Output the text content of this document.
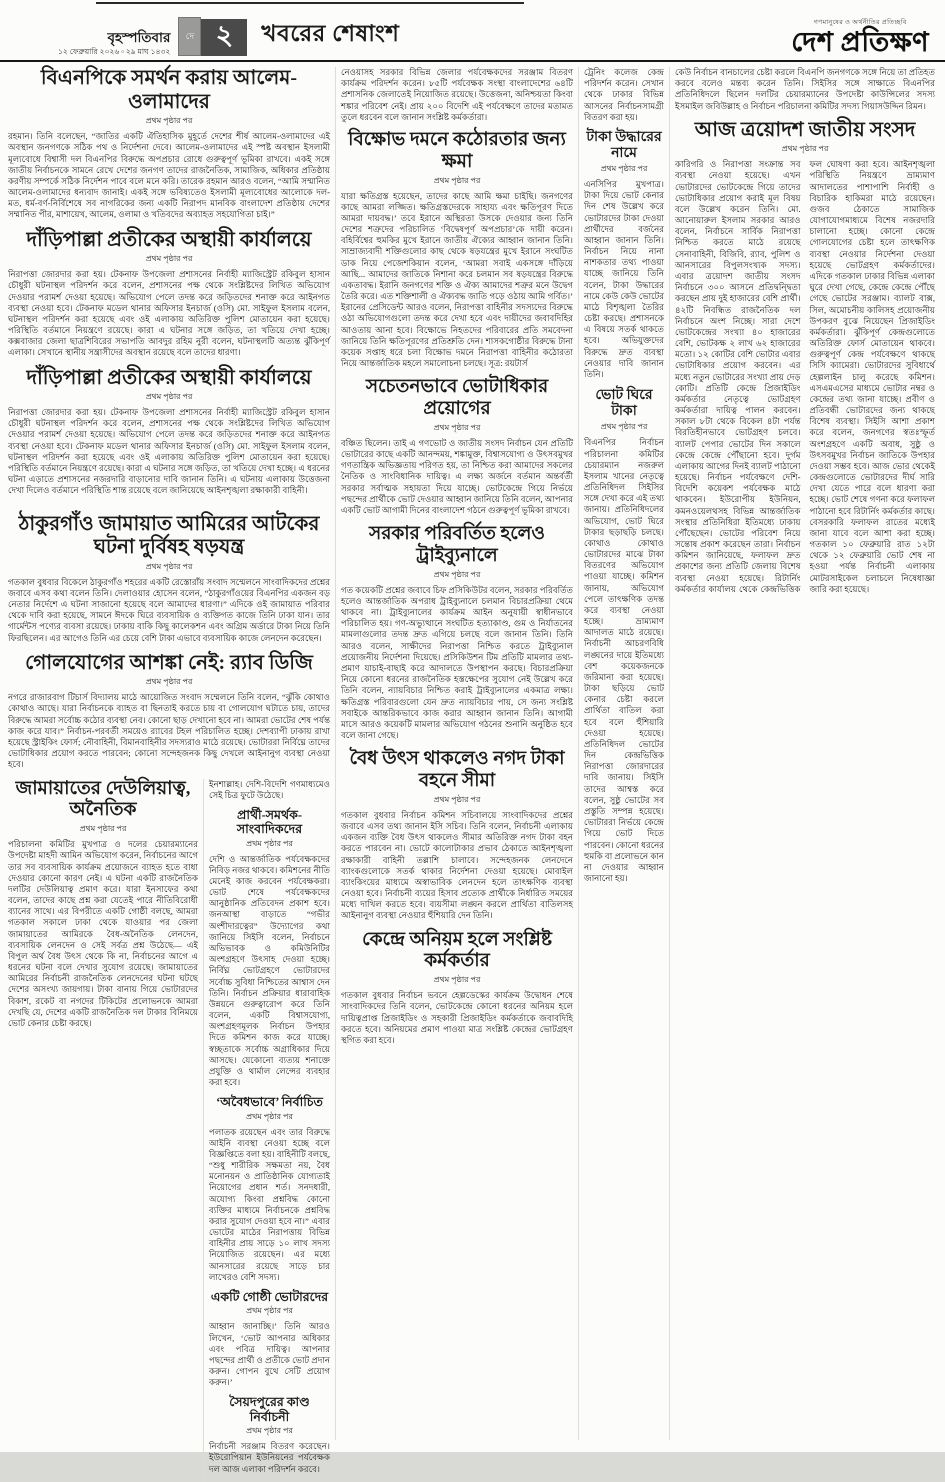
বৃহস্পতিবার
১২ ফেব্রুয়ারি ২০২৬ ▫ ২৯ মাঘ ১৪৩২
দে ২ খবরের শেষাংশ	গণমানুষের ও অর্থনীতির প্রতিচ্ছবি
দেশ প্রতিক্ষণ
বিএনপিকে সমর্থন করায় আলেম-ওলামাদের
প্রথম পৃষ্ঠার পর
রহমান। তিনি বলেছেন, “জাতির একটি ঐতিহাসিক মুহূর্তে দেশের শীর্ষ আলেম-ওলামাদের এই অবস্থান জনগণকে সঠিক পথ ও নির্দেশনা দেবে। আলেম-ওলামাদের এই স্পষ্ট অবস্থান ইসলামী মূল্যবোধে বিশ্বাসী দল বিএনপির বিরুদ্ধে অপপ্রচার রোধে গুরুত্বপূর্ণ ভূমিকা রাখবে। একই সঙ্গে জাতীয় নির্বাচনকে সামনে রেখে দেশের জনগণ তাদের রাজনৈতিক, সামাজিক, অধিকার প্রতিষ্ঠায় করণীয় সম্পর্কে সঠিক নির্দেশন পাবে বলে মনে করি। তারেক রহমান আরও বলেন, “আমি সম্মানিত আলেম-ওলামাদের ধন্যবাদ জানাই। একই সঙ্গে ভবিষ্যতেও ইসলামী মূল্যবোধের আলোকে দল-মত, ধর্ম-বর্ণ-নির্বিশেষে সব নাগরিকের জন্য একটি নিরাপদ মানবিক বাংলাদেশ প্রতিষ্ঠায় দেশের সম্মানিত পীর, মাশায়েখ, আলেম, ওলামা ও খতিবদের অব্যাহত সহযোগিতা চাই।”
দাঁড়িপাল্লা প্রতীকের অস্থায়ী কার্যালয়ে
প্রথম পৃষ্ঠার পর
নিরাপত্তা জোরদার করা হয়। টেকনাফ উপজেলা প্রশাসনের নির্বাহী ম্যাজিস্ট্রেট রকিবুল হাসান চৌধুরী ঘটনাস্থল পরিদর্শন করে বলেন, প্রশাসনের পক্ষ থেকে সংশ্লিষ্টদের লিখিত অভিযোগ দেওয়ার পরামর্শ দেওয়া হয়েছে। অভিযোগ পেলে তদন্ত করে জড়িতদের শনাক্ত করে আইনগত ব্যবস্থা নেওয়া হবে। টেকনাফ মডেল থানার অফিসার ইনচার্জ (ওসি) মো. সাইফুল ইসলাম বলেন, ঘটনাস্থল পরিদর্শন করা হয়েছে এবং ওই এলাকায় অতিরিক্ত পুলিশ মোতায়েন করা হয়েছে। পরিস্থিতি বর্তমানে নিয়ন্ত্রণে রয়েছে। কারা এ ঘটনার সঙ্গে জড়িত, তা খতিয়ে দেখা হচ্ছে। কক্সবাজার জেলা ছাত্রশিবিরের সভাপতি আবদুর রহিম নুরী বলেন, ঘটনাস্থলটি অত্যন্ত ঝুঁকিপূর্ণ এলাকা। সেখানে স্থানীয় সন্ত্রাসীদের অবস্থান রয়েছে বলে তাদের ধারণা।
দাঁড়িপাল্লা প্রতীকের অস্থায়ী কার্যালয়ে
প্রথম পৃষ্ঠার পর
নিরাপত্তা জোরদার করা হয়। টেকনাফ উপজেলা প্রশাসনের নির্বাহী ম্যাজিস্ট্রেট রকিবুল হাসান চৌধুরী ঘটনাস্থল পরিদর্শন করে বলেন, প্রশাসনের পক্ষ থেকে সংশ্লিষ্টদের লিখিত অভিযোগ দেওয়ার পরামর্শ দেওয়া হয়েছে। অভিযোগ পেলে তদন্ত করে জড়িতদের শনাক্ত করে আইনগত ব্যবস্থা নেওয়া হবে। টেকনাফ মডেল থানার অফিসার ইনচার্জ (ওসি) মো. সাইফুল ইসলাম বলেন, ঘটনাস্থল পরিদর্শন করা হয়েছে এবং ওই এলাকায় অতিরিক্ত পুলিশ মোতায়েন করা হয়েছে। পরিস্থিতি বর্তমানে নিয়ন্ত্রণে রয়েছে। কারা এ ঘটনার সঙ্গে জড়িত, তা খতিয়ে দেখা হচ্ছে। এ ধরনের ঘটনা এড়াতে প্রশাসনের নজরদারি বাড়ানোর দাবি জানান তিনি। এ ঘটনায় এলাকায় উত্তেজনা দেখা দিলেও বর্তমানে পরিস্থিতি শান্ত রয়েছে বলে জানিয়েছে আইনশৃঙ্খলা রক্ষাকারী বাহিনী।
ঠাকুরগাঁও জামায়াত আমিরের আটকের ঘটনা দুর্বিষহ ষড়যন্ত্র
প্রথম পৃষ্ঠার পর
গতকাল বুধবার বিকেলে ঠাকুরগাঁও শহরের একটি রেস্তোরাঁয় সংবাদ সম্মেলনে সাংবাদিকদের প্রশ্নের জবাবে এসব কথা বলেন তিনি। দেলাওয়ার হোসেন বলেন, “ঠাকুরগাঁওয়ের বিএনপির একজন বড় নেতার নির্দেশে এ ঘটনা সাজানো হয়েছে বলে আমাদের ধারণা।” এদিকে ওই জামায়াত পরিবার থেকে দাবি করা হয়েছে, সামনে ঈদকে ঘিরে ব্যবসায়িক ও ব্যক্তিগত কাজে তিনি ঢাকা যান। তার গার্মেন্টস পণ্যের ব্যবসা রয়েছে। ঢাকায় বাকি কিছু কালেকশন এবং অগ্রিম অর্ডারে টাকা নিয়ে তিনি ফিরছিলেন। এর আগেও তিনি এর চেয়ে বেশি টাকা এভাবে ব্যবসায়িক কাজে লেনদেন করেছেন।
গোলযোগের আশঙ্কা নেই: র‍্যাব ডিজি
প্রথম পৃষ্ঠার পর
নগরে রাজারবাগ টিচার্স বিদ্যালয় মাঠে আয়োজিত সংবাদ সম্মেলনে তিনি বলেন, “ঝুঁকি কোথাও কোথাও আছে। যারা নির্বাচনকে ব্যাহত বা ছিনতাই করতে চায় বা গোলযোগ ঘটাতে চায়, তাদের বিরুদ্ধে আমরা সর্বোচ্চ কঠোর ব্যবস্থা নেব। কোনো ছাড় দেখানো হবে না। আমরা ভোটের শেষ পর্যন্ত কাজ করে যাব।” নির্বাচন-পরবর্তী সময়েও র‍্যাবের টহল পরিচালিত হচ্ছে। দেশব্যাপী ঢাকায় রাখা হয়েছে স্ট্রাইকিং ফোর্স; নৌবাহিনী, বিমানবাহিনীর সদস্যরাও মাঠে রয়েছে। ভোটাররা নির্বিঘ্নে তাদের ভোটাধিকার প্রয়োগ করতে পারবেন; কোনো সন্দেহজনক কিছু দেখলে আইনানুগ ব্যবস্থা নেওয়া হবে।
জামায়াতের দেউলিয়াত্ব, অনৈতিক
প্রথম পৃষ্ঠার পর
পরিচালনা কমিটির মুখপাত্র ও দলের চেয়ারম্যানের উপদেষ্টা মাহদী আমিন অভিযোগ করেন, নির্বাচনের আগে তার সব ব্যবসায়িক কার্যক্রম প্রয়োজনে ব্যাহত হতে বাধা দেওয়ার কোনো কারণ নেই। এ ঘটনা একটি রাজনৈতিক দলটির দেউলিয়াত্ব প্রমাণ করে। যারা ইনসাফের কথা বলেন, তাদের কাছে প্রশ্ন করা যেতেই পারে নীতিবিরোধী ব্যানের সাথে। এর বিপরীতে একটি গোষ্ঠী বলছে, আমরা গতকাল সকালে ঢাকা থেকে যাওয়ার পর জেলা জামায়াতের আমিরকে বৈধ-অনৈতিক লেনদেন, ব্যবসায়িক লেনদেন ও সেই সর্বত্র প্রশ্ন উঠেছে— এই বিপুল অর্থ বৈধ উৎস থেকে কি না, নির্বাচনের আগে এ ধরনের ঘটনা বলে দেখার সুযোগ রয়েছে। জামায়াতের আমিরের নির্বাচনী রাজনৈতিক লেনদেনের ঘটনা ঘটছে দেশের অসংখ্য জায়গায়। টাকা বানায় গিয়ে ভোটারদের বিকাশ, রকেট বা নগদের টিকিটের প্রলোভনকে আমরা দেখছি যে, দেশের একটি রাজনৈতিক দল টাকার বিনিময়ে ভোট কেনার চেষ্টা করছে।
ইনশাল্লাহ। দেশি-বিদেশি গণমাধ্যমেও সেই চিত্র ফুটে উঠেছে।
প্রার্থী-সমর্থক-সাংবাদিকদের
প্রথম পৃষ্ঠার পর
দেশি ও আন্তর্জাতিক পর্যবেক্ষকদের নিবিড় নজর থাকবে। কমিশনের নীতি মেনেই কাজ করবেন পর্যবেক্ষকরা। ভোট শেষে পর্যবেক্ষকদের আনুষ্ঠানিক প্রতিবেদন প্রকাশ হবে। জনআস্থা বাড়াতে “গভীর অংশীদারত্বের” উদ্যোগের কথা জানিয়ে সিইসি বলেন, নির্বাচনে অভিভাবক ও কমিউনিটির অংশগ্রহণে উৎসাহ দেওয়া হচ্ছে। নির্বিঘ্ন ভোটগ্রহণে ভোটারদের সর্বোচ্চ সুবিধা নিশ্চিতের আশ্বাস দেন তিনি। নির্বাচন প্রক্রিয়ার ধারাবাহিক উন্নয়নে গুরুত্বারোপ করে তিনি বলেন, একটি বিশ্বাসযোগ্য, অংশগ্রহণমূলক নির্বাচন উপহার দিতে কমিশন কাজ করে যাচ্ছে। স্বচ্ছতাকে সর্বোচ্চ অগ্রাধিকার দিয়ে আসছে। যেকোনো ব্যত্যয় শনাক্তে প্রযুক্তি ও থার্মাল লেন্সের ব্যবহার করা হবে।
‘অবৈধভাবে’ নির্বাচিত
প্রথম পৃষ্ঠার পর
পলাতক রয়েছেন এবং তার বিরুদ্ধে আইনি ব্যবস্থা নেওয়া হচ্ছে বলে বিজ্ঞপ্তিতে বলা হয়। বাহিনীটি বলছে, “শুধু শারীরিক সক্ষমতা নয়, বৈধ মনোনয়ন ও প্রাতিষ্ঠানিক যোগ্যতাই নিয়োগের প্রধান শর্ত। সনদধারী, অযোগ্য কিংবা প্রশ্নবিদ্ধ কোনো ব্যক্তির মাধ্যমে নির্বাচনকে প্রশ্নবিদ্ধ করার সুযোগ দেওয়া হবে না।” এবার ভোটের মাঠের নিরাপত্তায় বিভিন্ন বাহিনীর প্রায় সাড়ে ১০ লাখ সদস্য নিয়োজিত রয়েছেন। এর মধ্যে আনসারের রয়েছে সাড়ে চার লাখেরও বেশি সদস্য।
একটি গোষ্ঠী ভোটারদের
প্রথম পৃষ্ঠার পর
আহ্বান জানাচ্ছি।’ তিনি আরও লিখেন, ‘ভোট আপনার অধিকার এবং পবিত্র দায়িত্ব। আপনার পছন্দের প্রার্থী ও প্রতীকে ভোট প্রদান করুন। গোপন বুথে সেটি প্রয়োগ করুন।’
সৈয়দপুরের কাণ্ড নির্বাচনী
প্রথম পৃষ্ঠার পর
নির্বাচনী সরঞ্জাম বিতরণ করেছেন। ইউরোপিয়ান ইউনিয়নের পর্যবেক্ষক দল আজ এলাকা পরিদর্শন করবে।
নেওয়াসহ সরকার বিভিন্ন জেলার পর্যবেক্ষকদের সরঞ্জাম বিতরণ কার্যক্রম পরিদর্শন করেন। ৮৫টি পর্যবেক্ষক সংস্থা বাংলাদেশের ৬৪টি প্রশাসনিক জেলাতেই নিয়োজিত রয়েছে। উত্তেজনা, অনিশ্চয়তা কিংবা শঙ্কার পরিবেশ নেই। প্রায় ২০০ বিদেশি এই পর্যবেক্ষণে তাদের মতামত তুলে ধরবেন বলে জানান সংশ্লিষ্ট কর্মকর্তারা।
বিক্ষোভ দমনে কঠোরতার জন্য ক্ষমা
প্রথম পৃষ্ঠার পর
যারা ক্ষতিগ্রস্ত হয়েছেন, তাদের কাছে আমি ক্ষমা চাইছি। জনগণের কাছে আমরা লজ্জিত। ক্ষতিগ্রস্তদেরকে সাহায্য এবং ক্ষতিপূরণ দিতে আমরা দায়বদ্ধ।’ তবে ইরানে অস্থিরতা উসকে দেওয়ার জন্য তিনি দেশের শত্রুদের পরিচালিত ‘বিদ্বেষপূর্ণ অপপ্রচার’কে দায়ী করেন। বহির্বিশ্বের হুমকির মুখে ইরানে জাতীয় ঐক্যের আহ্বান জানান তিনি। সাম্রাজ্যবাদী শক্তিগুলোর কাছ থেকে ষড়যন্ত্রের মুখে ইরানে সংঘটিত ডাক নিয়ে পেজেশকিয়ান বলেন, ‘আমরা সবাই একসঙ্গে দাঁড়িয়ে আছি... আমাদের জাতিকে নিশানা করে চলমান সব ষড়যন্ত্রের বিরুদ্ধে একতাবদ্ধ। ইরানি জনগণের শক্তি ও ঐক্য আমাদের শত্রুর মনে উদ্বেগ তৈরি করে। এত শক্তিশালী ও ঐক্যবদ্ধ জাতি গড়ে ওঠায় আমি গর্বিত।’ ইরানের প্রেসিডেন্ট আরও বলেন, নিরাপত্তা বাহিনীর সদস্যদের বিরুদ্ধে ওঠা অভিযোগগুলো তদন্ত করে দেখা হবে এবং দায়ীদের জবাবদিহির আওতায় আনা হবে। বিক্ষোভে নিহতদের পরিবারের প্রতি সমবেদনা জানিয়ে তিনি ক্ষতিপূরণের প্রতিশ্রুতি দেন। শাসকগোষ্ঠীর বিরুদ্ধে টানা কয়েক সপ্তাহ ধরে চলা বিক্ষোভ দমনে নিরাপত্তা বাহিনীর কঠোরতা নিয়ে আন্তর্জাতিক মহলে সমালোচনা চলছে। সূত্র: রয়টার্স
সচেতনভাবে ভোটাধিকার প্রয়োগের
প্রথম পৃষ্ঠার পর
বঞ্চিত ছিলেন। তাই এ গণভোট ও জাতীয় সংসদ নির্বাচন যেন প্রতিটি ভোটারের কাছে একটি আনন্দময়, শঙ্কামুক্ত, বিশ্বাসযোগ্য ও উৎসবমুখর গণতান্ত্রিক অভিজ্ঞতায় পরিণত হয়, তা নিশ্চিত করা আমাদের সকলের নৈতিক ও সাংবিধানিক দায়িত্ব। এ লক্ষ্য অর্জনে বর্তমান অন্তর্বর্তী সরকার সর্বাত্মক সহায়তা দিয়ে যাচ্ছে। ভোটকেন্দ্রে গিয়ে নির্ভয়ে পছন্দের প্রার্থীকে ভোট দেওয়ার আহ্বান জানিয়ে তিনি বলেন, আপনার একটি ভোট আগামী দিনের বাংলাদেশ গঠনে গুরুত্বপূর্ণ ভূমিকা রাখবে।
সরকার পরিবর্তিত হলেও ট্রাইব্যুনালে
প্রথম পৃষ্ঠার পর
গত কয়েকটি প্রশ্নের জবাবে চিফ প্রসিকিউটর বলেন, সরকার পরিবর্তিত হলেও আন্তর্জাতিক অপরাধ ট্রাইব্যুনালে চলমান বিচারপ্রক্রিয়া থেমে থাকবে না। ট্রাইব্যুনালের কার্যক্রম আইন অনুযায়ী স্বাধীনভাবে পরিচালিত হয়। গণ-অভ্যুত্থানে সংঘটিত হত্যাকাণ্ড, গুম ও নির্যাতনের মামলাগুলোর তদন্ত দ্রুত এগিয়ে চলছে বলে জানান তিনি। তিনি আরও বলেন, সাক্ষীদের নিরাপত্তা নিশ্চিত করতে ট্রাইব্যুনাল প্রয়োজনীয় নির্দেশনা দিয়েছে। প্রসিকিউশন টিম প্রতিটি মামলার তথ্য-প্রমাণ যাচাই-বাছাই করে আদালতে উপস্থাপন করছে। বিচারপ্রক্রিয়া নিয়ে কোনো ধরনের রাজনৈতিক হস্তক্ষেপের সুযোগ নেই উল্লেখ করে তিনি বলেন, ন্যায়বিচার নিশ্চিত করাই ট্রাইব্যুনালের একমাত্র লক্ষ্য। ক্ষতিগ্রস্ত পরিবারগুলো যেন দ্রুত ন্যায়বিচার পায়, সে জন্য সংশ্লিষ্ট সবাইকে আন্তরিকভাবে কাজ করার আহ্বান জানান তিনি। আগামী মাসে আরও কয়েকটি মামলার অভিযোগ গঠনের শুনানি অনুষ্ঠিত হবে বলে জানা গেছে।
বৈধ উৎস থাকলেও নগদ টাকা বহনে সীমা
প্রথম পৃষ্ঠার পর
গতকাল বুধবার নির্বাচন কমিশন সচিবালয়ে সাংবাদিকদের প্রশ্নের জবাবে এসব তথ্য জানান ইসি সচিব। তিনি বলেন, নির্বাচনী এলাকায় একজন ব্যক্তি বৈধ উৎস থাকলেও সীমার অতিরিক্ত নগদ টাকা বহন করতে পারবেন না। ভোটে কালোটাকার প্রভাব ঠেকাতে আইনশৃঙ্খলা রক্ষাকারী বাহিনী তল্লাশি চালাবে। সন্দেহজনক লেনদেনে ব্যাংকগুলোকে সতর্ক থাকার নির্দেশনা দেওয়া হয়েছে। মোবাইল ব্যাংকিংয়ের মাধ্যমে অস্বাভাবিক লেনদেন হলে তাৎক্ষণিক ব্যবস্থা নেওয়া হবে। নির্বাচনী ব্যয়ের হিসাব প্রত্যেক প্রার্থীকে নির্ধারিত সময়ের মধ্যে দাখিল করতে হবে। ব্যয়সীমা লঙ্ঘন করলে প্রার্থিতা বাতিলসহ আইনানুগ ব্যবস্থা নেওয়ার হুঁশিয়ারি দেন তিনি।
কেন্দ্রে অনিয়ম হলে সংশ্লিষ্ট কর্মকর্তার
প্রথম পৃষ্ঠার পর
গতকাল বুধবার নির্বাচন ভবনে হেল্পডেস্কের কার্যক্রম উদ্বোধন শেষে সাংবাদিকদের তিনি বলেন, ভোটকেন্দ্রে কোনো ধরনের অনিয়ম হলে দায়িত্বপ্রাপ্ত প্রিজাইডিং ও সহকারী প্রিজাইডিং কর্মকর্তাকে জবাবদিহি করতে হবে। অনিয়মের প্রমাণ পাওয়া মাত্র সংশ্লিষ্ট কেন্দ্রের ভোটগ্রহণ স্থগিত করা হবে।
ট্রেনিং কলেজ কেন্দ্র পরিদর্শন করেন। সেখান থেকে ঢাকার বিভিন্ন আসনের নির্বাচনসামগ্রী বিতরণ করা হয়।
টাকা উদ্ধারের নামে
প্রথম পৃষ্ঠার পর
এনসিপির মুখপাত্র। টাকা দিয়ে ভোট কেনার দিন শেষ উল্লেখ করে ভোটারদের টাকা দেওয়া প্রার্থীদের বর্জনের আহ্বান জানান তিনি। নির্বাচন নিয়ে নানা নাশকতার তথ্য পাওয়া যাচ্ছে জানিয়ে তিনি বলেন, টাকা উদ্ধারের নামে কেউ কেউ ভোটের মাঠে বিশৃঙ্খলা তৈরির চেষ্টা করছে। প্রশাসনকে এ বিষয়ে সতর্ক থাকতে হবে। অভিযুক্তদের বিরুদ্ধে দ্রুত ব্যবস্থা নেওয়ার দাবি জানান তিনি।
ভোট ঘিরে টাকা
প্রথম পৃষ্ঠার পর
বিএনপির নির্বাচন পরিচালনা কমিটির চেয়ারম্যান নজরুল ইসলাম খানের নেতৃত্বে প্রতিনিধিদল সিইসির সঙ্গে দেখা করে এই তথ্য জানায়। প্রতিনিধিদলের অভিযোগ, ভোট ঘিরে টাকার ছড়াছড়ি চলছে। কোথাও কোথাও ভোটারদের মাঝে টাকা বিতরণের অভিযোগ পাওয়া যাচ্ছে। কমিশন জানায়, অভিযোগ পেলে তাৎক্ষণিক তদন্ত করে ব্যবস্থা নেওয়া হচ্ছে। ভ্রাম্যমাণ আদালত মাঠে রয়েছে। নির্বাচনী আচরণবিধি লঙ্ঘনের দায়ে ইতিমধ্যে বেশ কয়েকজনকে জরিমানা করা হয়েছে। টাকা ছড়িয়ে ভোট কেনার চেষ্টা করলে প্রার্থিতা বাতিল করা হবে বলে হুঁশিয়ারি দেওয়া হয়েছে। প্রতিনিধিদল ভোটের দিন কেন্দ্রভিত্তিক নিরাপত্তা জোরদারের দাবি জানায়। সিইসি তাদের আশ্বস্ত করে বলেন, সুষ্ঠু ভোটের সব প্রস্তুতি সম্পন্ন হয়েছে। ভোটাররা নির্ভয়ে কেন্দ্রে গিয়ে ভোট দিতে পারবেন। কোনো ধরনের হুমকি বা প্রলোভনে কান না দেওয়ার আহ্বান জানানো হয়।
কেউ নির্বাচন বানচালের চেষ্টা করলে বিএনপি জনগণকে সঙ্গে নিয়ে তা প্রতিহত করবে বলেও মন্তব্য করেন তিনি। সিইসির সঙ্গে সাক্ষাতে বিএনপির প্রতিনিধিদলে ছিলেন দলটির চেয়ারম্যানের উপদেষ্টা কাউন্সিলের সদস্য ইসমাইল জবিউল্লাহ ও নির্বাচন পরিচালনা কমিটির সদস্য গিয়াসউদ্দিন রিমন।
আজ ত্রয়োদশ জাতীয় সংসদ
প্রথম পৃষ্ঠার পর
কারিগরি ও নিরাপত্তা সংক্রান্ত সব ব্যবস্থা নেওয়া হয়েছে। এখন ভোটারদের ভোটকেন্দ্রে গিয়ে তাদের ভোটাধিকার প্রয়োগ করাই মূল বিষয় বলে উল্লেখ করেন তিনি। মো. আনোয়ারুল ইসলাম সরকার আরও বলেন, নির্বাচনে সার্বিক নিরাপত্তা নিশ্চিত করতে মাঠে রয়েছে সেনাবাহিনী, বিজিবি, র‍্যাব, পুলিশ ও আনসারের বিপুলসংখ্যক সদস্য। এবার ত্রয়োদশ জাতীয় সংসদ নির্বাচনে ৩০০ আসনে প্রতিদ্বন্দ্বিতা করছেন প্রায় দুই হাজারের বেশি প্রার্থী। ৪২টি নিবন্ধিত রাজনৈতিক দল নির্বাচনে অংশ নিচ্ছে। সারা দেশে ভোটকেন্দ্রের সংখ্যা ৪০ হাজারের বেশি, ভোটকক্ষ ২ লাখ ৬২ হাজারের মতো। ১২ কোটির বেশি ভোটার এবার ভোটাধিকার প্রয়োগ করবেন। এর মধ্যে নতুন ভোটারের সংখ্যা প্রায় দেড় কোটি। প্রতিটি কেন্দ্রে প্রিজাইডিং কর্মকর্তার নেতৃত্বে ভোটগ্রহণ কর্মকর্তারা দায়িত্ব পালন করবেন। সকাল ৮টা থেকে বিকেল ৪টা পর্যন্ত বিরতিহীনভাবে ভোটগ্রহণ চলবে। ব্যালট পেপার ভোটের দিন সকালে কেন্দ্রে কেন্দ্রে পৌঁছানো হবে। দুর্গম এলাকায় আগের দিনই ব্যালট পাঠানো হয়েছে। নির্বাচন পর্যবেক্ষণে দেশি-বিদেশি কয়েকশ পর্যবেক্ষক মাঠে থাকবেন। ইউরোপীয় ইউনিয়ন, কমনওয়েলথসহ বিভিন্ন আন্তর্জাতিক সংস্থার প্রতিনিধিরা ইতিমধ্যে ঢাকায় পৌঁছেছেন। ভোটের পরিবেশ নিয়ে সন্তোষ প্রকাশ করেছেন তারা। নির্বাচন কমিশন জানিয়েছে, ফলাফল দ্রুত প্রকাশের জন্য প্রতিটি জেলায় বিশেষ ব্যবস্থা নেওয়া হয়েছে। রিটার্নিং কর্মকর্তার কার্যালয় থেকে কেন্দ্রভিত্তিক ফল ঘোষণা করা হবে। আইনশৃঙ্খলা পরিস্থিতি নিয়ন্ত্রণে ভ্রাম্যমাণ আদালতের পাশাপাশি নির্বাহী ও বিচারিক হাকিমরা মাঠে রয়েছেন। গুজব ঠেকাতে সামাজিক যোগাযোগমাধ্যমে বিশেষ নজরদারি চালানো হচ্ছে। কোনো কেন্দ্রে গোলযোগের চেষ্টা হলে তাৎক্ষণিক ব্যবস্থা নেওয়ার নির্দেশনা দেওয়া হয়েছে ভোটগ্রহণ কর্মকর্তাদের। এদিকে গতকাল ঢাকার বিভিন্ন এলাকা ঘুরে দেখা গেছে, কেন্দ্রে কেন্দ্রে পৌঁছে গেছে ভোটের সরঞ্জাম। ব্যালট বাক্স, সিল, অমোচনীয় কালিসহ প্রয়োজনীয় উপকরণ বুঝে নিয়েছেন প্রিজাইডিং কর্মকর্তারা। ঝুঁকিপূর্ণ কেন্দ্রগুলোতে অতিরিক্ত ফোর্স মোতায়েন থাকবে। গুরুত্বপূর্ণ কেন্দ্র পর্যবেক্ষণে থাকছে সিসি ক্যামেরা। ভোটারদের সুবিধার্থে হেল্পলাইন চালু করেছে কমিশন। এসএমএসের মাধ্যমে ভোটার নম্বর ও কেন্দ্রের তথ্য জানা যাচ্ছে। প্রবীণ ও প্রতিবন্ধী ভোটারদের জন্য থাকছে বিশেষ ব্যবস্থা। সিইসি আশা প্রকাশ করে বলেন, জনগণের স্বতঃস্ফূর্ত অংশগ্রহণে একটি অবাধ, সুষ্ঠু ও উৎসবমুখর নির্বাচন জাতিকে উপহার দেওয়া সম্ভব হবে। আজ ভোর থেকেই কেন্দ্রগুলোতে ভোটারদের দীর্ঘ সারি দেখা যেতে পারে বলে ধারণা করা হচ্ছে। ভোট শেষে গণনা করে ফলাফল পাঠানো হবে রিটার্নিং কর্মকর্তার কাছে। বেসরকারি ফলাফল রাতের মধ্যেই জানা যাবে বলে আশা করা হচ্ছে। গতকাল ১০ ফেব্রুয়ারি রাত ১২টা থেকে ১২ ফেব্রুয়ারি ভোট শেষ না হওয়া পর্যন্ত নির্বাচনী এলাকায় মোটরসাইকেল চলাচলে নিষেধাজ্ঞা জারি করা হয়েছে।
